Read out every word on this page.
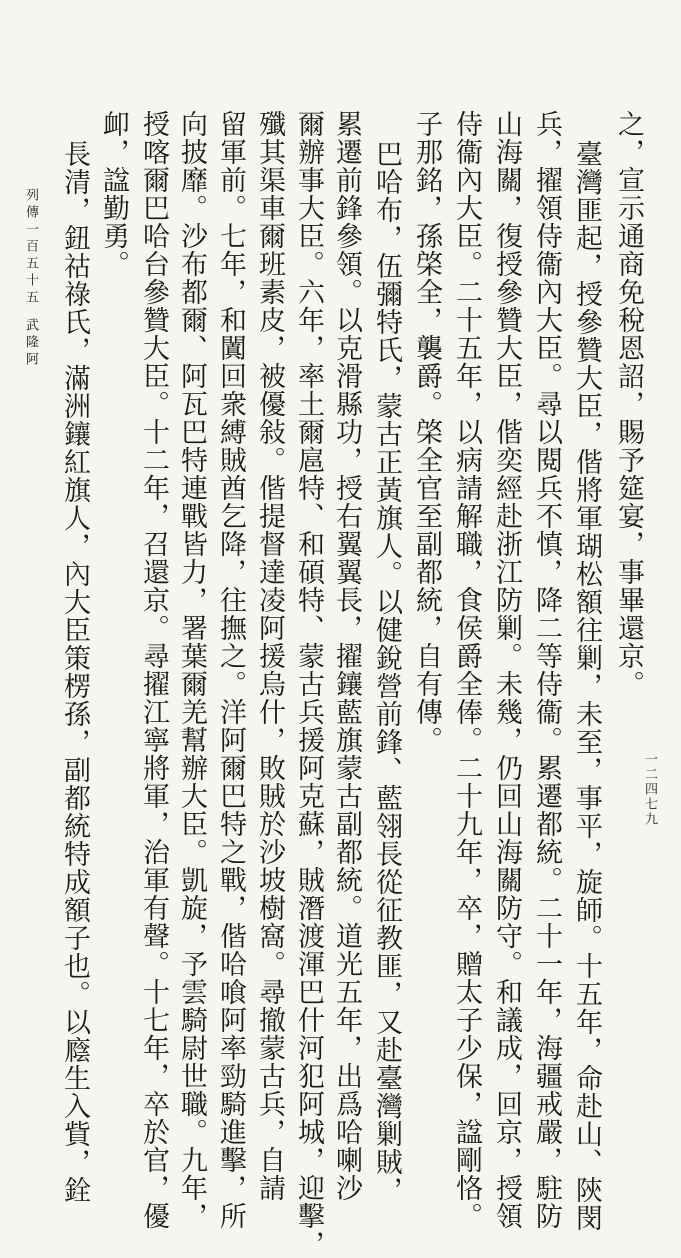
之，宣示通商免稅恩詔，賜予筵宴，事畢還京。
臺灣匪起，授參贊大臣，偕將軍瑚松額往剿，未至，事平，旋師。十五年，命赴山、陝閔
兵，擢領侍衞內大臣。尋以閱兵不慎，降二等侍衞。累遷都統。二十一年，海疆戒嚴，駐防
山海關，復授參贊大臣，偕奕經赴浙江防剿。未幾，仍回山海關防守。和議成，回京，授領
侍衞內大臣。二十五年，以病請解職，食侯爵全俸。二十九年，卒，贈太子少保，諡剛恪。
子那銘，孫棨全，襲爵。棨全官至副都統，自有傳。
巴哈布，伍彌特氏，蒙古正黃旗人。以健銳營前鋒、藍翎長從征教匪，又赴臺灣剿賊，
累遷前鋒參領。以克滑縣功，授右翼翼長，擢鑲藍旗蒙古副都統。道光五年，出爲哈喇沙
爾辦事大臣。六年，率土爾扈特、和碩特、蒙古兵援阿克蘇，賊潛渡渾巴什河犯阿城，迎擊，
殲其渠車爾班素皮，被優敍。偕提督達凌阿援烏什，敗賊於沙坡樹窩。尋撤蒙古兵，自請
留軍前。七年，和闐回衆縛賊酋乞降，往撫之。洋阿爾巴特之戰，偕哈喰阿率勁騎進擊，所
向披靡。沙布都爾、阿瓦巴特連戰皆力，署葉爾羌幫辦大臣。凱旋，予雲騎尉世職。九年，
授喀爾巴哈台參贊大臣。十二年，召還京。尋擢江寧將軍，治軍有聲。十七年，卒於官，優
卹，諡勤勇。
長清，鈕祜祿氏，滿洲鑲紅旗人，內大臣策楞孫，副都統特成額子也。以廕生入貲，銓
列傳一百五十五
武隆阿
一二四七九
